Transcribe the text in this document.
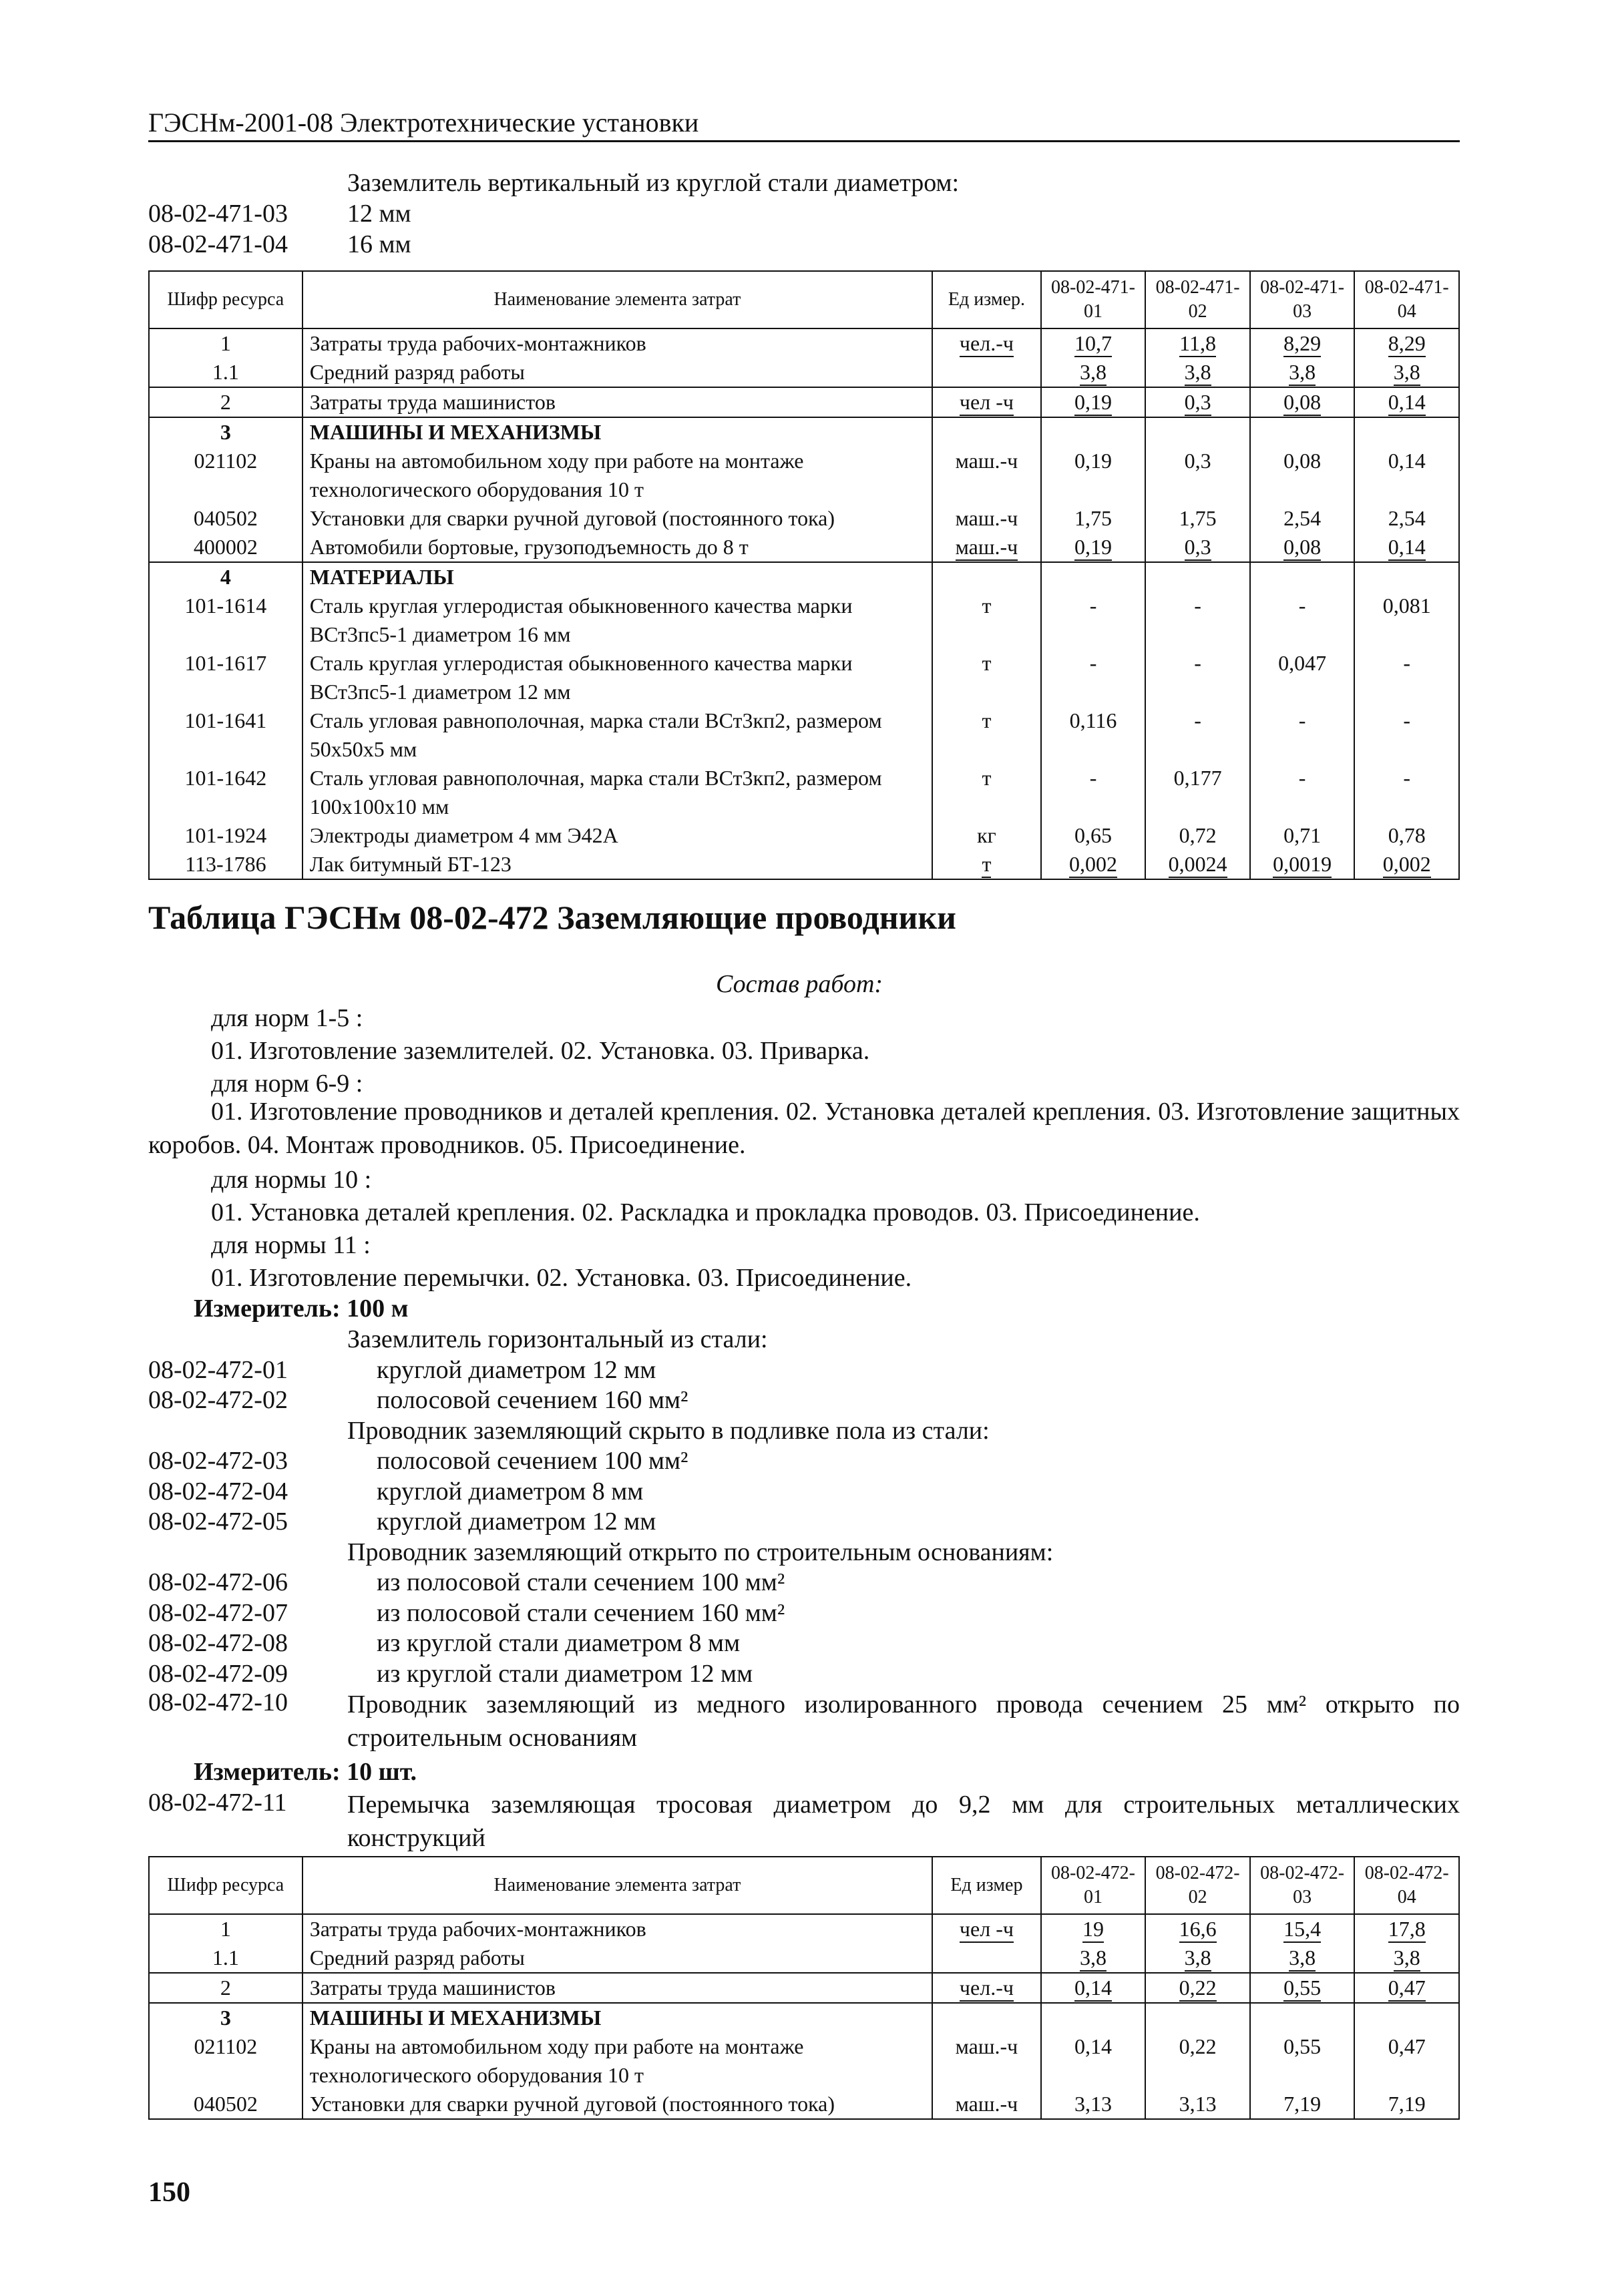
ГЭСНм-2001-08 Электротехнические установки
Заземлитель вертикальный из круглой стали диаметром:
08-02-471-03 12 мм
08-02-471-04 16 мм
Шифр ресурса	Наименование элемента затрат	Ед измер.	08-02-471-01	08-02-471-02	08-02-471-03	08-02-471-04
1	Затраты труда рабочих-монтажников	чел.-ч	10,7	11,8	8,29	8,29
1.1	Средний разряд работы		3,8	3,8	3,8	3,8
2	Затраты труда машинистов	чел -ч	0,19	0,3	0,08	0,14
3	МАШИНЫ И МЕХАНИЗМЫ					
021102	Краны на автомобильном ходу при работе на монтаже технологического оборудования 10 т	маш.-ч	0,19	0,3	0,08	0,14
040502	Установки для сварки ручной дуговой (постоянного тока)	маш.-ч	1,75	1,75	2,54	2,54
400002	Автомобили бортовые, грузоподъемность до 8 т	маш.-ч	0,19	0,3	0,08	0,14
4	МАТЕРИАЛЫ					
101-1614	Сталь круглая углеродистая обыкновенного качества марки ВСт3пс5-1 диаметром 16 мм	т	-	-	-	0,081
101-1617	Сталь круглая углеродистая обыкновенного качества марки ВСт3пс5-1 диаметром 12 мм	т	-	-	0,047	-
101-1641	Сталь угловая равнополочная, марка стали ВСт3кп2, размером 50х50х5 мм	т	0,116	-	-	-
101-1642	Сталь угловая равнополочная, марка стали ВСт3кп2, размером 100х100х10 мм	т	-	0,177	-	-
101-1924	Электроды диаметром 4 мм Э42А	кг	0,65	0,72	0,71	0,78
113-1786	Лак битумный БТ-123	т	0,002	0,0024	0,0019	0,002
Таблица ГЭСНм 08-02-472 Заземляющие проводники
Состав работ:
для норм 1-5 :
01. Изготовление заземлителей. 02. Установка. 03. Приварка.
для норм 6-9 :
01. Изготовление проводников и деталей крепления. 02. Установка деталей крепления. 03. Изготовление защитных коробов. 04. Монтаж проводников. 05. Присоединение.
для нормы 10 :
01. Установка деталей крепления. 02. Раскладка и прокладка проводов. 03. Присоединение.
для нормы 11 :
01. Изготовление перемычки. 02. Установка. 03. Присоединение.
Измеритель: 100 м
Заземлитель горизонтальный из стали:
08-02-472-01	круглой диаметром 12 мм
08-02-472-02	полосовой сечением 160 мм²
Проводник заземляющий скрыто в подливке пола из стали:
08-02-472-03	полосовой сечением 100 мм²
08-02-472-04	круглой диаметром 8 мм
08-02-472-05	круглой диаметром 12 мм
Проводник заземляющий открыто по строительным основаниям:
08-02-472-06	из полосовой стали сечением 100 мм²
08-02-472-07	из полосовой стали сечением 160 мм²
08-02-472-08	из круглой стали диаметром 8 мм
08-02-472-09	из круглой стали диаметром 12 мм
08-02-472-10 Проводник заземляющий из медного изолированного провода сечением 25 мм² открыто по строительным основаниям
Измеритель: 10 шт.
08-02-472-11 Перемычка заземляющая тросовая диаметром до 9,2 мм для строительных металлических конструкций
Шифр ресурса	Наименование элемента затрат	Ед измер	08-02-472-01	08-02-472-02	08-02-472-03	08-02-472-04
1	Затраты труда рабочих-монтажников	чел -ч	19	16,6	15,4	17,8
1.1	Средний разряд работы		3,8	3,8	3,8	3,8
2	Затраты труда машинистов	чел.-ч	0,14	0,22	0,55	0,47
3	МАШИНЫ И МЕХАНИЗМЫ					
021102	Краны на автомобильном ходу при работе на монтаже технологического оборудования 10 т	маш.-ч	0,14	0,22	0,55	0,47
040502	Установки для сварки ручной дуговой (постоянного тока)	маш.-ч	3,13	3,13	7,19	7,19
150
